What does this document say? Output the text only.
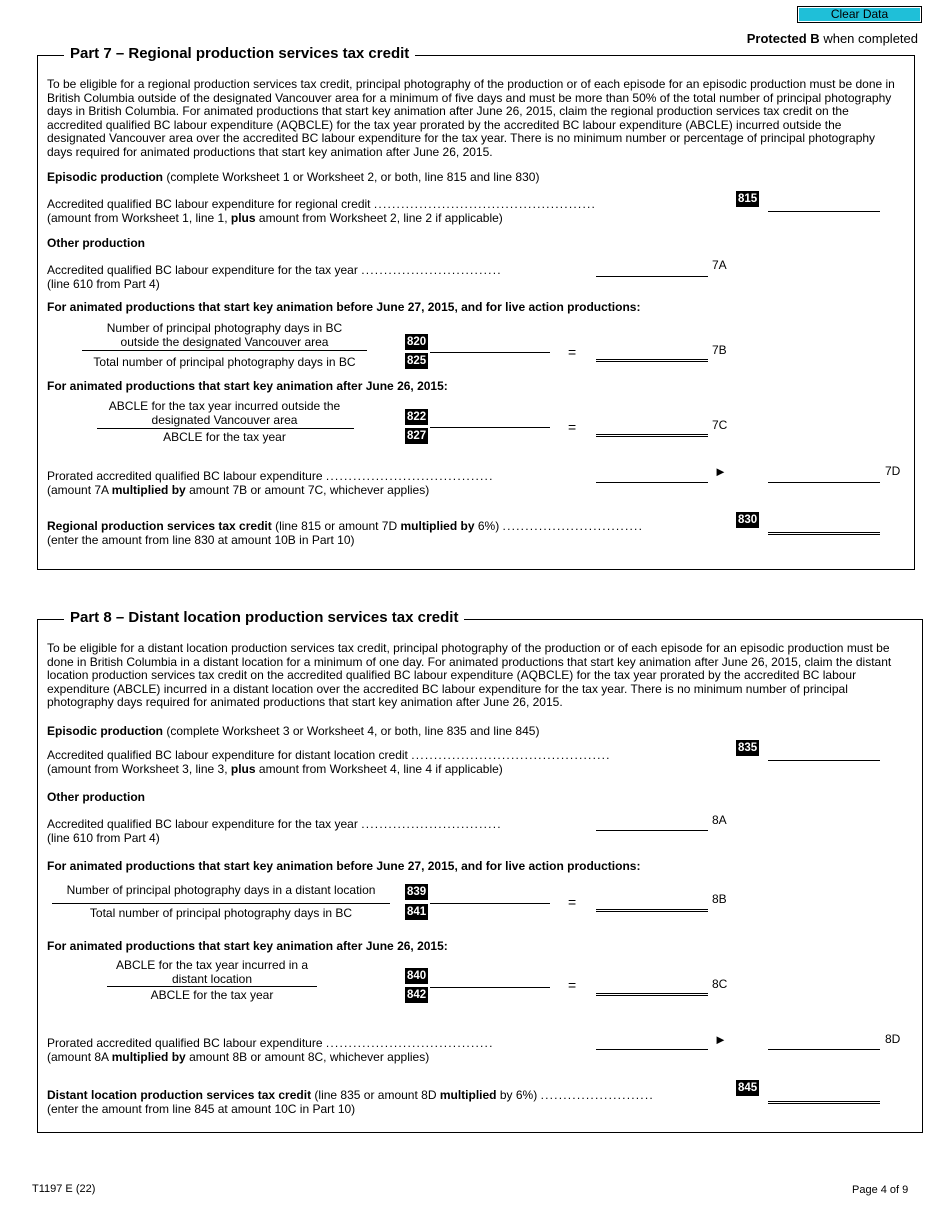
Clear Data
Protected B when completed
Part 7 – Regional production services tax credit
To be eligible for a regional production services tax credit, principal photography of the production or of each episode for an episodic production must be done in British Columbia outside of the designated Vancouver area for a minimum of five days and must be more than 50% of the total number of principal photography days in British Columbia. For animated productions that start key animation after June 26, 2015, claim the regional production services tax credit on the accredited qualified BC labour expenditure (AQBCLE) for the tax year prorated by the accredited BC labour expenditure (ABCLE) incurred outside the designated Vancouver area over the accredited BC labour expenditure for the tax year. There is no minimum number or percentage of principal photography days required for animated productions that start key animation after June 26, 2015.
Episodic production (complete Worksheet 1 or Worksheet 2, or both, line 815 and line 830)
Accredited qualified BC labour expenditure for regional credit .................................................
(amount from Worksheet 1, line 1, plus amount from Worksheet 2, line 2 if applicable)
815
Other production
Accredited qualified BC labour expenditure for the tax year ...............................
(line 610 from Part 4)
7A
For animated productions that start key animation before June 27, 2015, and for live action productions:
Number of principal photography days in BC
outside the designated Vancouver area
Total number of principal photography days in BC
820
825
=	7B
For animated productions that start key animation after June 26, 2015:
ABCLE for the tax year incurred outside the
designated Vancouver area
ABCLE for the tax year
822
827
=	7C
Prorated accredited qualified BC labour expenditure .....................................
(amount 7A multiplied by amount 7B or amount 7C, whichever applies)
►	7D
Regional production services tax credit (line 815 or amount 7D multiplied by 6%) ...............................
(enter the amount from line 830 at amount 10B in Part 10)
830
Part 8 – Distant location production services tax credit
To be eligible for a distant location production services tax credit, principal photography of the production or of each episode for an episodic production must be done in British Columbia in a distant location for a minimum of one day. For animated productions that start key animation after June 26, 2015, claim the distant location production services tax credit on the accredited qualified BC labour expenditure (AQBCLE) for the tax year prorated by the accredited BC labour expenditure (ABCLE) incurred in a distant location over the accredited BC labour expenditure for the tax year. There is no minimum number of principal photography days required for animated productions that start key animation after June 26, 2015.
Episodic production (complete Worksheet 3 or Worksheet 4, or both, line 835 and line 845)
Accredited qualified BC labour expenditure for distant location credit ............................................
(amount from Worksheet 3, line 3, plus amount from Worksheet 4, line 4 if applicable)
835
Other production
Accredited qualified BC labour expenditure for the tax year ...............................
(line 610 from Part 4)
8A
For animated productions that start key animation before June 27, 2015, and for live action productions:
Number of principal photography days in a distant location
Total number of principal photography days in BC
839
841
=	8B
For animated productions that start key animation after June 26, 2015:
ABCLE for the tax year incurred in a
distant location
ABCLE for the tax year
840
842
=	8C
Prorated accredited qualified BC labour expenditure .....................................
(amount 8A multiplied by amount 8B or amount 8C, whichever applies)
►	8D
Distant location production services tax credit (line 835 or amount 8D multiplied by 6%) .........................
(enter the amount from line 845 at amount 10C in Part 10)
845
T1197 E (22)	Page 4 of 9
